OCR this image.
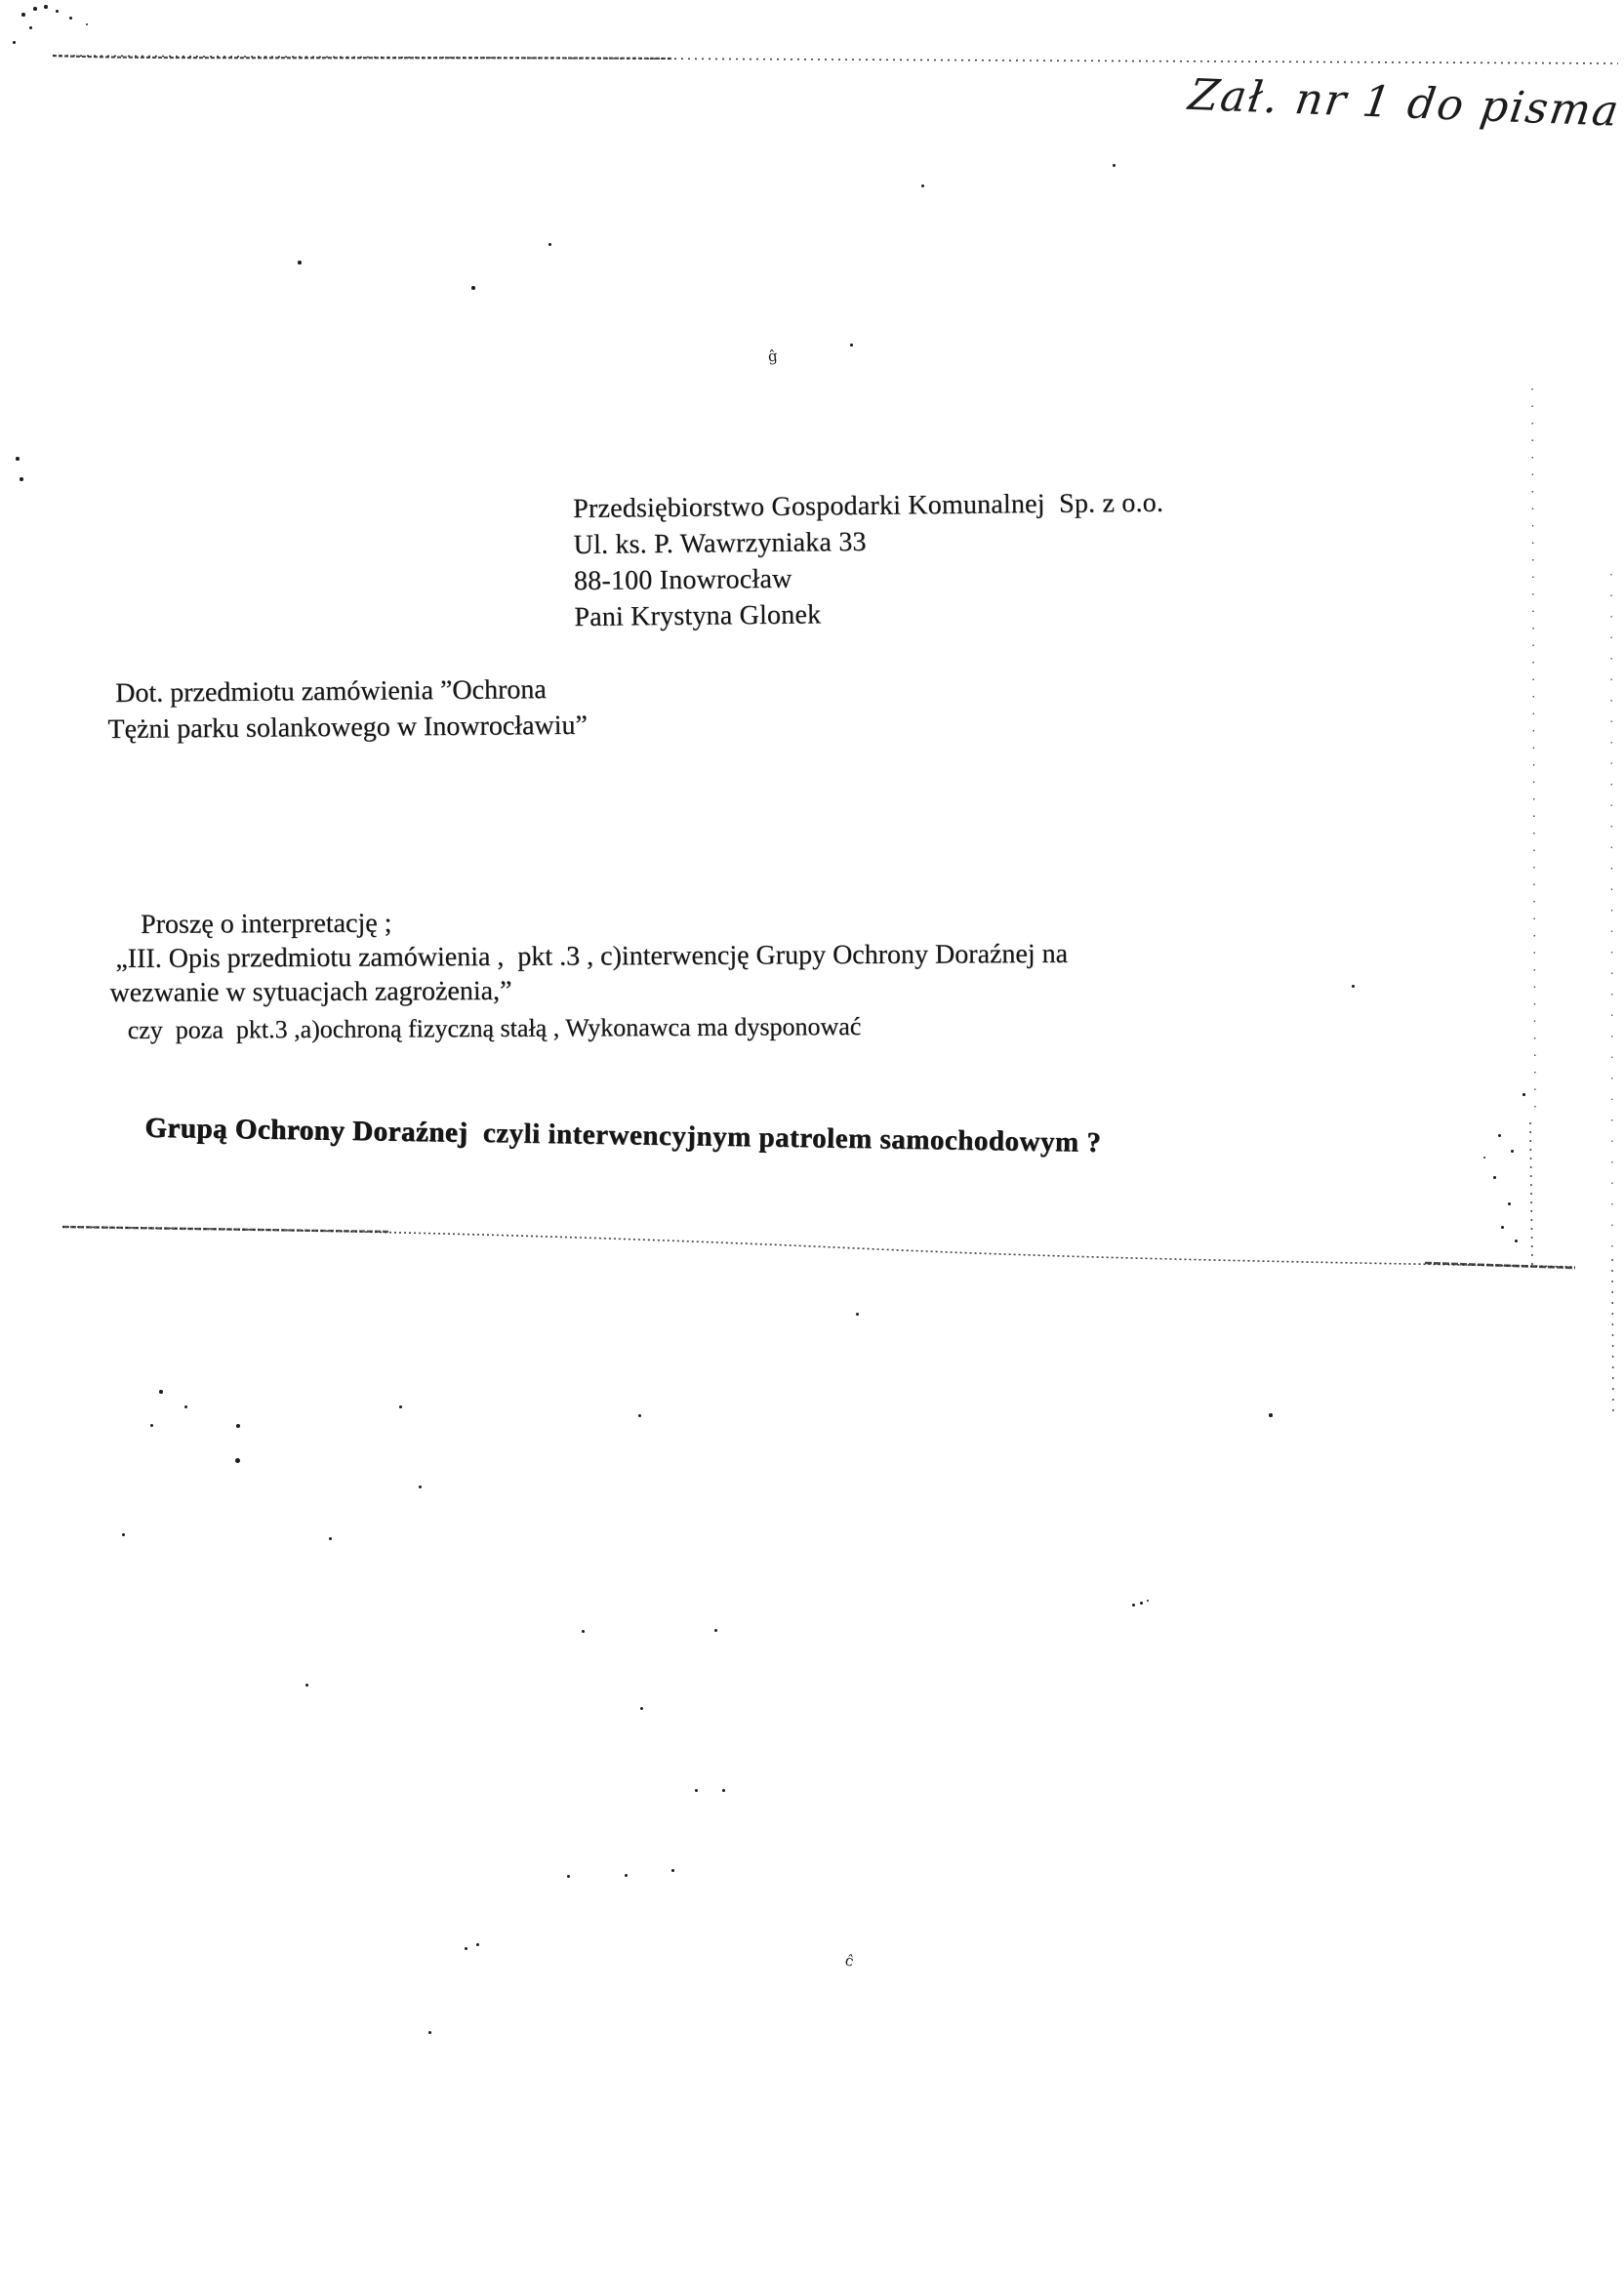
Zał. nr 1 do pisma
Przedsiębiorstwo Gospodarki Komunalnej  Sp. z o.o.
Ul. ks. P. Wawrzyniaka 33
88-100 Inowrocław
Pani Krystyna Glonek
Dot. przedmiotu zamówienia ”Ochrona
Tężni parku solankowego w Inowrocławiu”
Proszę o interpretację ;
„III. Opis przedmiotu zamówienia ,  pkt .3 , c)interwencję Grupy Ochrony Doraźnej na
wezwanie w sytuacjach zagrożenia,”
czy  poza  pkt.3 ,a)ochroną fizyczną stałą , Wykonawca ma dysponować

Grupą Ochrony Doraźnej  czyli interwencyjnym patrolem samochodowym ?

ĝ
ĉ
